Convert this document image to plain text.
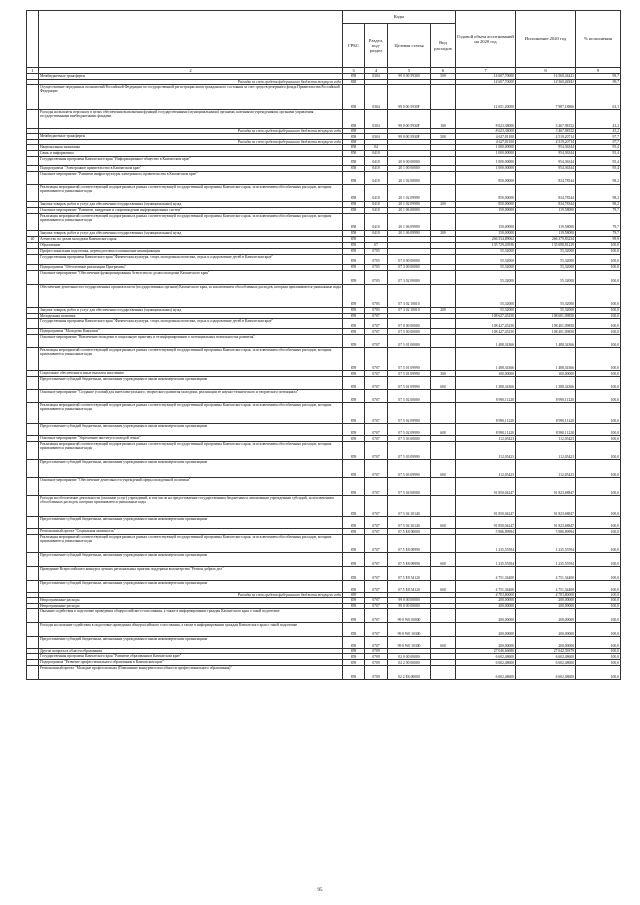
		Коды				Годовой объем ассигнований на 2020 год	Исполнение 2020 год	% исполнения
		ГРБС	Раздел, под-раздел	Целевая статья	Вид расходов			
1	2	3	4	5	6	7	8	9
	Межбюджетные трансферты	858	0304	99 0 00 59300	500	14 607,70000	14 560,44441	99,7
	Расходы за счет средств федерального бюджета текущего года	858				14 607,70000	14 560,44441	99,7
	Осуществление переданных полномочий Российской Федерации по государственной регистрации актов гражданского состояния за счет средств резервного фонда Правительства Российской Федерации	858	0304	99 0 00 5930F		12 651,20000	7 987,18866	63,1
	Расходы на выплаты персоналу в целях обеспечения выполнения функций государственными (муниципальными) органами, казенными учреждениями, органами управления государственными внебюджетными фондами	858	0304	99 0 00 5930F	100	8 023,38000	3 467,98152	43,2
	Расходы за счет средств федерального бюджета текущего года	858				8 023,38000	3 467,98152	43,2
	Межбюджетные трансферты	858	0304	99 0 00 5930F	500	4 627,81100	4 519,20714	97,7
	Расходы за счет средств федерального бюджета текущего года	858				4 627,81100	4 519,20714	97,7
	Национальная экономика	858	04			1 000,00000	954,36344	95,4
	Связь и информатика	858	0410			1 000,00000	954,36344	95,4
	Государственная программа Камчатского края "Информационное общество в Камчатском крае"	858	0410	20 0 00 00000		1 000,00000	954,36344	95,4
	Подпрограмма "Электронное правительство в Камчатском крае"	858	0410	20 1 00 00000		1 000,00000	954,36344	95,4
	Основное мероприятие "Развитие инфраструктуры электронного правительства в Камчатском крае"	858	0410	20 1 02 00000		850,00000	834,78344	98,2
	Реализация мероприятий соответствующей подпрограммы в рамках соответствующей государственной программы Камчатского края, за исключением обособленных расходов, которым присваиваются уникальные коды	858	0410	20 1 02 09990		850,00000	834,78344	98,2
	Закупка товаров, работ и услуг для обеспечения государственных (муниципальных) нужд	858	0410	20 1 02 09990	200	850,00000	834,78344	98,2
	Основное мероприятие "Развитие, внедрение и сопровождение информационных систем"	858	0410	20 1 06 00000		150,00000	119,58000	79,7
	Реализация мероприятий соответствующей подпрограммы в рамках соответствующей государственной программы Камчатского края, за исключением обособленных расходов, которым присваиваются уникальные коды	858	0410	20 1 06 09990		150,00000	119,58000	79,7
	Закупка товаров, работ и услуг для обеспечения государственных (муниципальных) нужд	858	0410	20 1 06 09990	200	150,00000	119,58000	79,7
40	Агентство по делам молодежи Камчатского края	859				266 534,89062	266 379,83234	99,9
	Образование	859	07			135 729,43936	135 698,81229	100,0
	Профессиональная подготовка, переподготовка и повышение квалификации	859	0705			55,32000	55,32000	100,0
	Государственная программа Камчатского края "Физическая культура, спорт, молодежная политика, отдых и оздоровление детей в Камчатском крае"	859	0705	07 0 00 00000		55,32000	55,32000	100,0
	Подпрограмма "Обеспечение реализации Программы"	859	0705	07 3 00 00000		55,32000	55,32000	100,0
	Основное мероприятие "Обеспечение функционирования Агентства по делам молодежи Камчатского края"	859	0705	07 3 02 00000		55,32000	55,32000	100,0
	Обеспечение деятельности государственных органов власти (государственных органов) Камчатского края, за исключением обособленных расходов, которым присваиваются уникальные коды	859	0705	07 3 02 10010		55,32000	55,32000	100,0
	Закупка товаров, работ и услуг для обеспечения государственных (муниципальных) нужд	859	0705	07 3 02 10010	200	55,32000	55,32000	100,0
	Молодежная политика	859	0707			108 627,45250	108 601,09850	100,0
	Государственная программа Камчатского края "Физическая культура, спорт, молодежная политика, отдых и оздоровление детей в Камчатском крае"	859	0707	07 0 00 00000		108 427,45250	108 401,09850	100,0
	Подпрограмма "Молодежь Камчатки"	859	0707	07 5 00 00000		108 427,45250	108 401,09850	100,0
	Основное мероприятие "Вовлечение молодежи в социальную практику и ее информирование о потенциальных возможностях развития"	859	0707	07 5 01 00000		1 488,34366	1 488,34366	100,0
	Реализация мероприятий соответствующей подпрограммы в рамках соответствующей государственной программы Камчатского края, за исключением обособленных расходов, которым присваиваются уникальные коды	859	0707	07 5 01 09990		1 488,34366	1 488,34366	100,0
	Социальное обеспечение и иные выплаты населению	859	0707	07 5 01 09990	300	100,00000	100,00000	100,0
	Предоставление субсидий бюджетным, автономным учреждениям и иным некоммерческим организациям	859	0707	07 5 01 09990	600	1 388,34366	1 388,34366	100,0
	Основное мероприятие "Создание условий для интеллектуального, творческого развития молодежи, реализации ее научно-технического и творческого потенциала"	859	0707	07 5 02 00000		8 990,11220	8 990,11220	100,0
	Реализация мероприятий соответствующей подпрограммы в рамках соответствующей государственной программы Камчатского края, за исключением обособленных расходов, которым присваиваются уникальные коды	859	0707	07 5 02 09990		8 990,11220	8 990,11220	100,0
	Предоставление субсидий бюджетным, автономным учреждениям и иным некоммерческим организациям	859	0707	07 5 02 09990	600	8 990,11220	8 990,11220	100,0
	Основное мероприятие "Укрепление института молодой семьи"	859	0707	07 5 03 00000		112,05423	112,05423	100,0
	Реализация мероприятий соответствующей подпрограммы в рамках соответствующей государственной программы Камчатского края, за исключением обособленных расходов, которым присваиваются уникальные коды	859	0707	07 5 03 09990		112,05423	112,05423	100,0
	Предоставление субсидий бюджетным, автономным учреждениям и иным некоммерческим организациям	859	0707	07 5 03 09990	600	112,05423	112,05423	100,0
	Основное мероприятие "Обеспечение деятельности учреждений сферы молодежной политики"	859	0707	07 5 04 00000		91 850,04247	91 823,68847	100,0
	Расходы на обеспечение деятельности (оказание услуг) учреждений, в том числе на предоставление государственным бюджетным и автономным учреждениям субсидий, за исключением обособленных расходов, которым присваиваются уникальные коды	859	0707	07 5 04 10140		91 850,04247	91 823,68847	100,0
	Предоставление субсидий бюджетным, автономным учреждениям и иным некоммерческим организациям	859	0707	07 5 04 10140	600	91 850,04247	91 823,68847	100,0
	Региональный проект "Социальная активность"	859	0707	07 5 E8 00000		5 986,89994	5 986,89994	100,0
	Реализация мероприятий соответствующей подпрограммы в рамках соответствующей государственной программы Камчатского края, за исключением обособленных расходов, которым присваиваются уникальные коды	859	0707	07 5 E8 09990		1 235,55594	1 235,55594	100,0
	Предоставление субсидий бюджетным, автономным учреждениям и иным некоммерческим организациям	859	0707	07 5 E8 09990	600	1 235,55594	1 235,55594	100,0
	Проведение Всероссийского конкурса лучших региональных практик поддержки волонтерства "Регион добрых дел"	859	0707	07 5 E8 54120		4 751,34400	4 751,34400	100,0
	Предоставление субсидий бюджетным, автономным учреждениям и иным некоммерческим организациям	859	0707	07 5 E8 54120	600	4 751,34400	4 751,34400	100,0
	Расходы за счет средств федерального бюджета текущего года	859				4 703,80000	4 703,80000	100,0
	Непрограммные расходы	859	0707	99 0 00 00000		200,00000	200,00000	100,0
	Непрограммные расходы	859	0707	99 0 00 00000		200,00000	200,00000	100,0
	Оказание содействия в подготовке проведения общероссийского голосования, а также в информировании граждан Камчатского края о такой подготовке	859	0707	99 0 W0 00000		200,00000	200,00000	100,0
	Расходы на оказание содействия в подготовке проведения общероссийского голосования, а также в информировании граждан Камчатского края о такой подготовке	859	0707	99 0 W0 10300		200,00000	200,00000	100,0
	Предоставление субсидий бюджетным, автономным учреждениям и иным некоммерческим организациям	859	0707	99 0 W0 10300	600	200,00000	200,00000	100,0
	Другие вопросы в области образования	859	0709			27 046,66686	27 042,39379	100,0
	Государственная программа Камчатского края "Развитие образования в Камчатском крае"	859	0709	02 0 00 00000		6 602,48600	6 602,48600	100,0
	Подпрограмма "Развитие профессионального образования в Камчатском крае"	859	0709	02 2 00 00000		6 602,48600	6 602,48600	100,0
	Региональный проект "Молодые профессионалы (Повышение конкурентоспособности профессионального образования)"	859	0709	02 2 E6 00000		6 602,48600	6 602,48600	100,0
95
